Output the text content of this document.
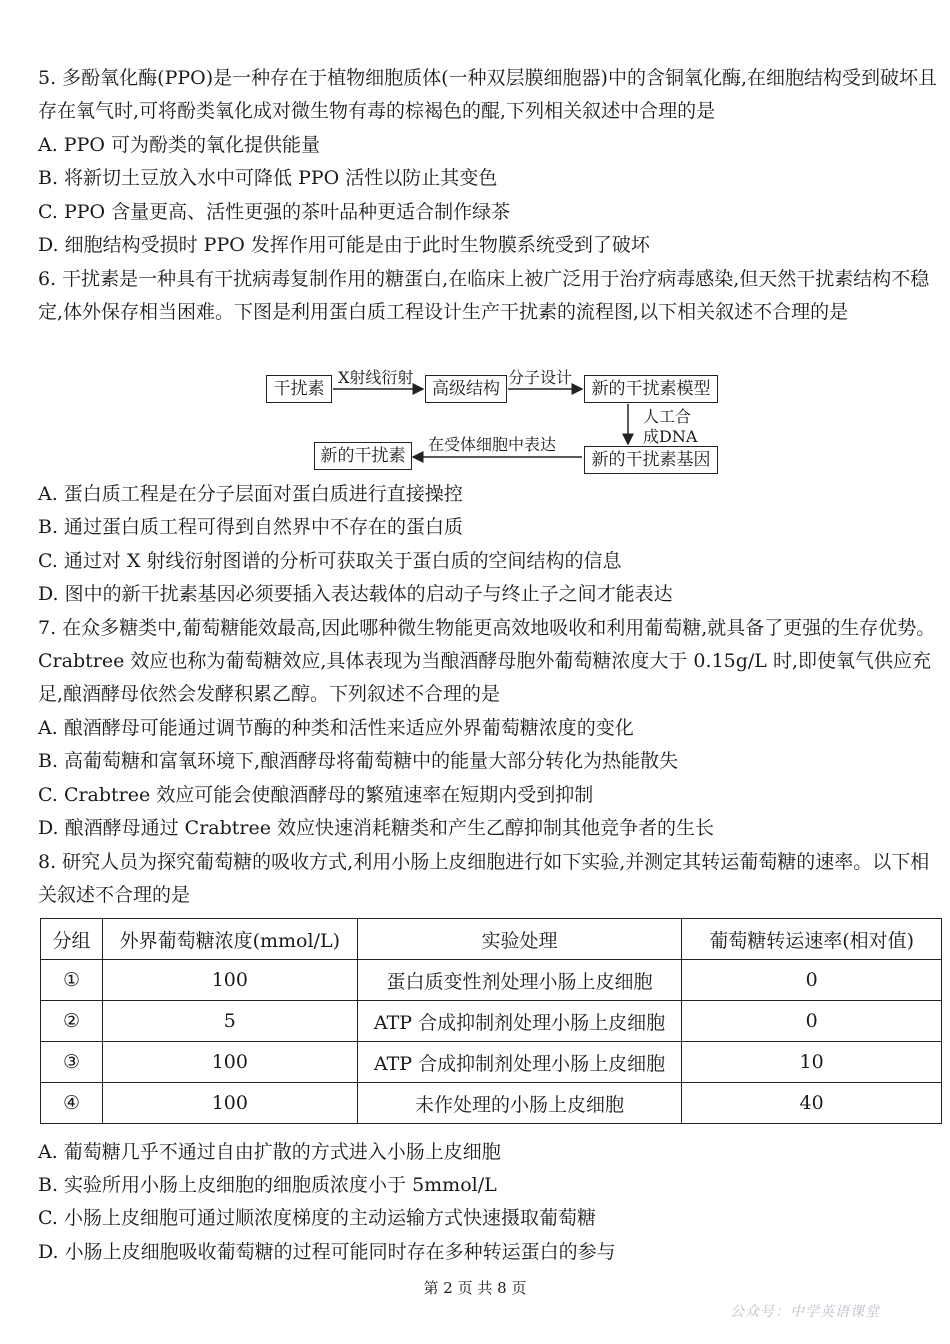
5. 多酚氧化酶(PPO)是一种存在于植物细胞质体(一种双层膜细胞器)中的含铜氧化酶,在细胞结构受到破坏且存在氧气时,可将酚类氧化成对微生物有毒的棕褐色的醌,下列相关叙述中合理的是

A. PPO 可为酚类的氧化提供能量

B. 将新切土豆放入水中可降低 PPO 活性以防止其变色

C. PPO 含量更高、活性更强的茶叶品种更适合制作绿茶

D. 细胞结构受损时 PPO 发挥作用可能是由于此时生物膜系统受到了破坏

6. 干扰素是一种具有干扰病毒复制作用的糖蛋白,在临床上被广泛用于治疗病毒感染,但天然干扰素结构不稳定,体外保存相当困难。下图是利用蛋白质工程设计生产干扰素的流程图,以下相关叙述不合理的是

干扰素
X射线衍射
高级结构
分子设计
新的干扰素模型
人工合
成DNA
新的干扰素基因
在受体细胞中表达
新的干扰素

A. 蛋白质工程是在分子层面对蛋白质进行直接操控

B. 通过蛋白质工程可得到自然界中不存在的蛋白质

C. 通过对 X 射线衍射图谱的分析可获取关于蛋白质的空间结构的信息

D. 图中的新干扰素基因必须要插入表达载体的启动子与终止子之间才能表达

7. 在众多糖类中,葡萄糖能效最高,因此哪种微生物能更高效地吸收和利用葡萄糖,就具备了更强的生存优势。Crabtree 效应也称为葡萄糖效应,具体表现为当酿酒酵母胞外葡萄糖浓度大于 0.15g/L 时,即使氧气供应充足,酿酒酵母依然会发酵积累乙醇。下列叙述不合理的是

A. 酿酒酵母可能通过调节酶的种类和活性来适应外界葡萄糖浓度的变化

B. 高葡萄糖和富氧环境下,酿酒酵母将葡萄糖中的能量大部分转化为热能散失

C. Crabtree 效应可能会使酿酒酵母的繁殖速率在短期内受到抑制

D. 酿酒酵母通过 Crabtree 效应快速消耗糖类和产生乙醇抑制其他竞争者的生长

8. 研究人员为探究葡萄糖的吸收方式,利用小肠上皮细胞进行如下实验,并测定其转运葡萄糖的速率。以下相关叙述不合理的是

分组	外界葡萄糖浓度(mmol/L)	实验处理	葡萄糖转运速率(相对值)
①	100	蛋白质变性剂处理小肠上皮细胞	0
②	5	ATP 合成抑制剂处理小肠上皮细胞	0
③	100	ATP 合成抑制剂处理小肠上皮细胞	10
④	100	未作处理的小肠上皮细胞	40

A. 葡萄糖几乎不通过自由扩散的方式进入小肠上皮细胞

B. 实验所用小肠上皮细胞的细胞质浓度小于 5mmol/L

C. 小肠上皮细胞可通过顺浓度梯度的主动运输方式快速摄取葡萄糖

D. 小肠上皮细胞吸收葡萄糖的过程可能同时存在多种转运蛋白的参与

第 2 页 共 8 页
公众号：中学英语课堂
